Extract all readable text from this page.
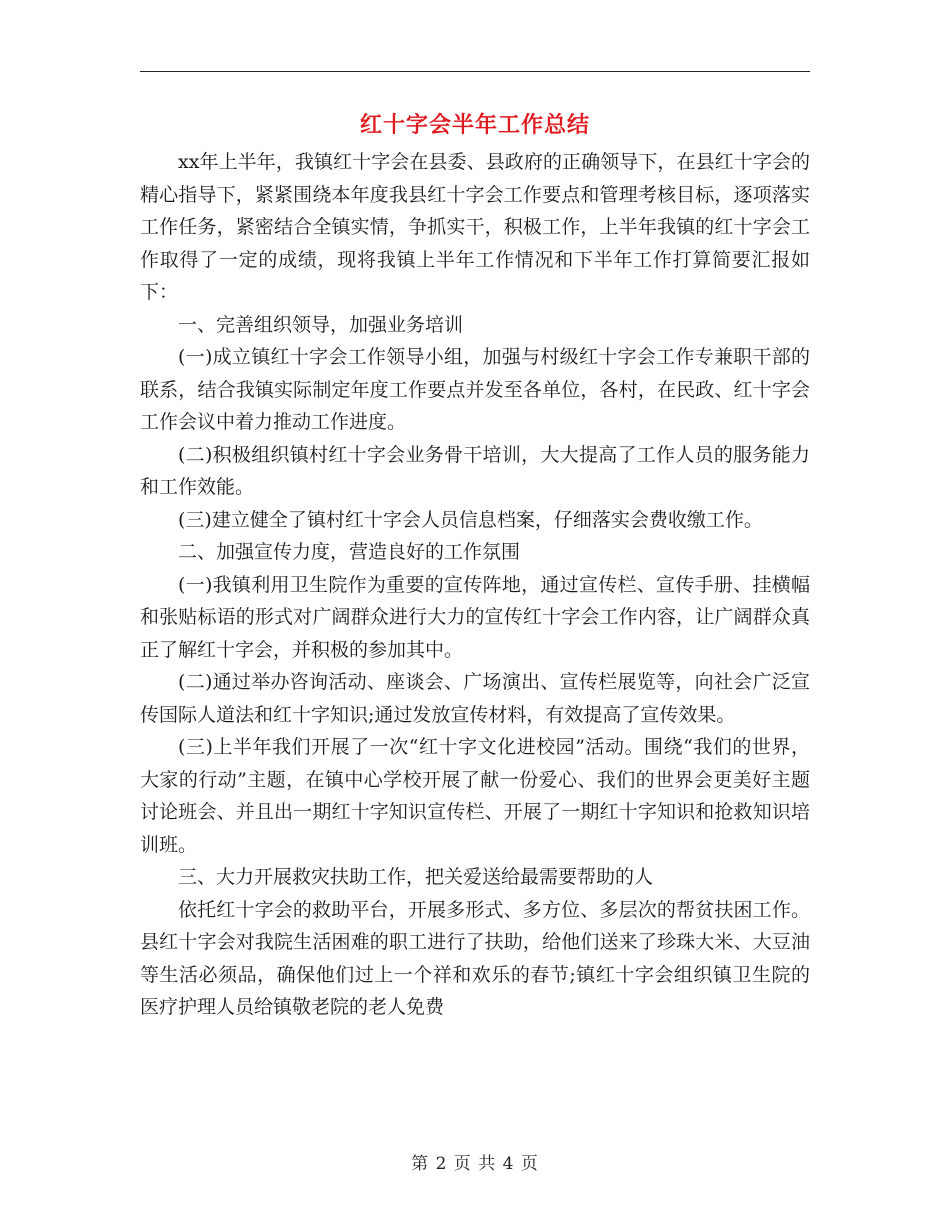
红十字会半年工作总结

xx年上半年，我镇红十字会在县委、县政府的正确领导下，在县红十字会的精心指导下，紧紧围绕本年度我县红十字会工作要点和管理考核目标，逐项落实工作任务，紧密结合全镇实情，争抓实干，积极工作，上半年我镇的红十字会工作取得了一定的成绩，现将我镇上半年工作情况和下半年工作打算简要汇报如下：

一、完善组织领导，加强业务培训

(一)成立镇红十字会工作领导小组，加强与村级红十字会工作专兼职干部的联系，结合我镇实际制定年度工作要点并发至各单位，各村，在民政、红十字会工作会议中着力推动工作进度。

(二)积极组织镇村红十字会业务骨干培训，大大提高了工作人员的服务能力和工作效能。

(三)建立健全了镇村红十字会人员信息档案，仔细落实会费收缴工作。

二、加强宣传力度，营造良好的工作氛围

(一)我镇利用卫生院作为重要的宣传阵地，通过宣传栏、宣传手册、挂横幅和张贴标语的形式对广阔群众进行大力的宣传红十字会工作内容，让广阔群众真正了解红十字会，并积极的参加其中。

(二)通过举办咨询活动、座谈会、广场演出、宣传栏展览等，向社会广泛宣传国际人道法和红十字知识;通过发放宣传材料，有效提高了宣传效果。

(三)上半年我们开展了一次“红十字文化进校园”活动。围绕“我们的世界，大家的行动”主题，在镇中心学校开展了献一份爱心、我们的世界会更美好主题讨论班会、并且出一期红十字知识宣传栏、开展了一期红十字知识和抢救知识培训班。

三、大力开展救灾扶助工作，把关爱送给最需要帮助的人

依托红十字会的救助平台，开展多形式、多方位、多层次的帮贫扶困工作。县红十字会对我院生活困难的职工进行了扶助，给他们送来了珍珠大米、大豆油等生活必须品，确保他们过上一个祥和欢乐的春节;镇红十字会组织镇卫生院的医疗护理人员给镇敬老院的老人免费

第 2 页 共 4 页
